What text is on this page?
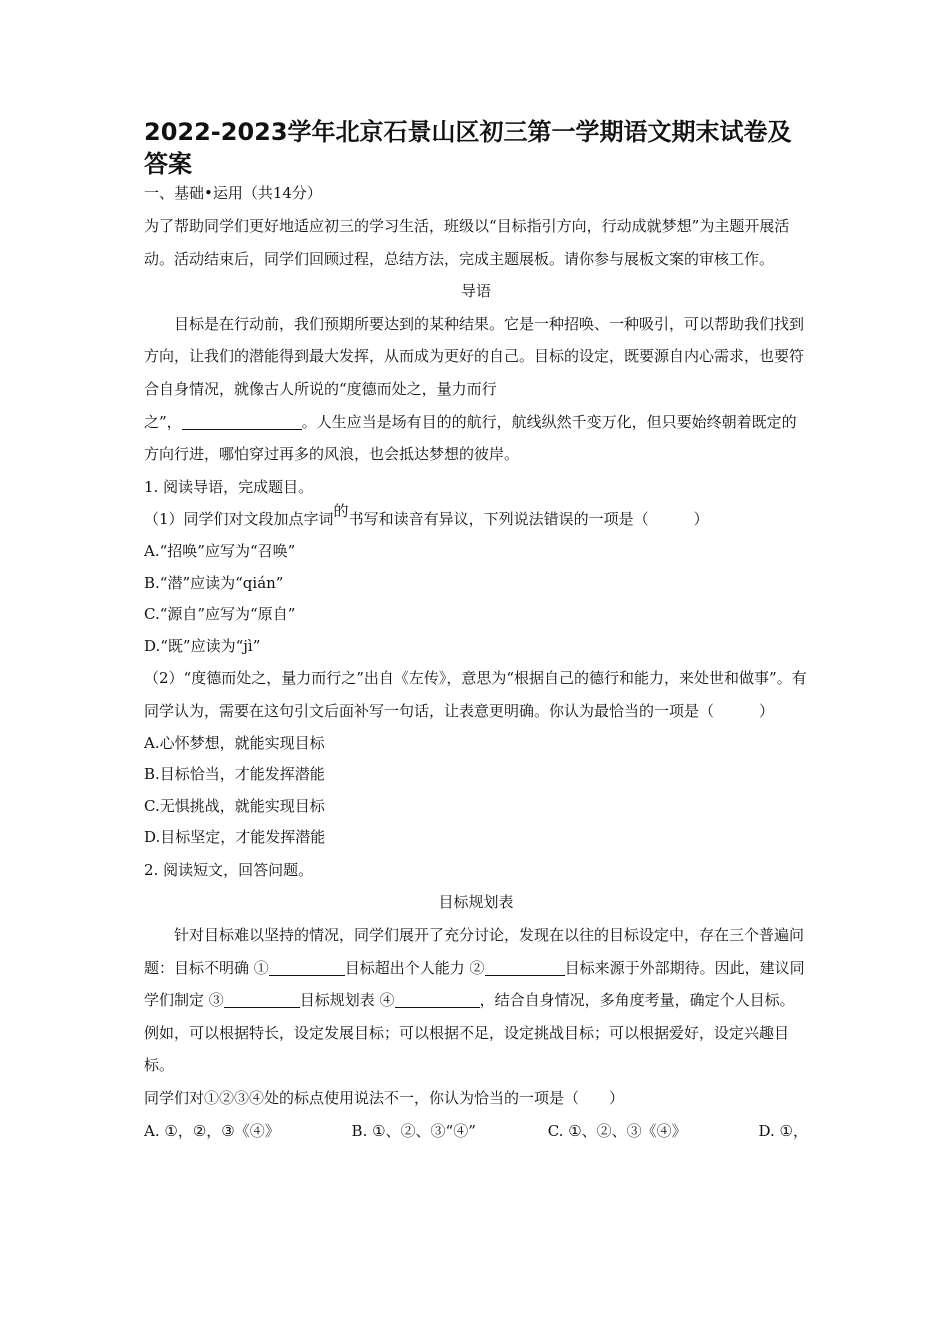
2022-2023学年北京石景山区初三第一学期语文期末试卷及答案

一、基础•运用（共14分）

为了帮助同学们更好地适应初三的学习生活，班级以“目标指引方向，行动成就梦想”为主题开展活动。活动结束后，同学们回顾过程，总结方法，完成主题展板。请你参与展板文案的审核工作。

导语

目标是在行动前，我们预期所要达到的某种结果。它是一种招唤、一种吸引，可以帮助我们找到方向，让我们的潜能得到最大发挥，从而成为更好的自己。目标的设定，既要源自内心需求，也要符合自身情况，就像古人所说的“度德而处之，量力而行

之”，	。人生应当是场有目的的航行，航线纵然千变万化，但只要始终朝着既定的方向行进，哪怕穿过再多的风浪，也会抵达梦想的彼岸。

1. 阅读导语，完成题目。

（1）同学们对文段加点字词的书写和读音有异议，下列说法错误的一项是（　　　）

A.“招唤”应写为“召唤”

B.“潜”应读为“qián”

C.“源自”应写为“原自”

D.“既”应读为“jì”

（2）“度德而处之，量力而行之”出自《左传》，意思为“根据自己的德行和能力，来处世和做事”。有同学认为，需要在这句引文后面补写一句话，让表意更明确。你认为最恰当的一项是（　　　）

A.心怀梦想，就能实现目标

B.目标恰当，才能发挥潜能

C.无惧挑战，就能实现目标

D.目标坚定，才能发挥潜能

2. 阅读短文，回答问题。

目标规划表

针对目标难以坚持的情况，同学们展开了充分讨论，发现在以往的目标设定中，存在三个普遍问题：目标不明确 ①	目标超出个人能力 ②	目标来源于外部期待。因此，建议同学们制定 ③	目标规划表 ④	，结合自身情况，多角度考量，确定个人目标。例如，可以根据特长，设定发展目标；可以根据不足，设定挑战目标；可以根据爱好，设定兴趣目标。

同学们对①②③④处的标点使用说法不一，你认为恰当的一项是（　　）

A. ①，②，③《④》	B. ①、②、③“④”	C. ①、②、③《④》	D. ①，
